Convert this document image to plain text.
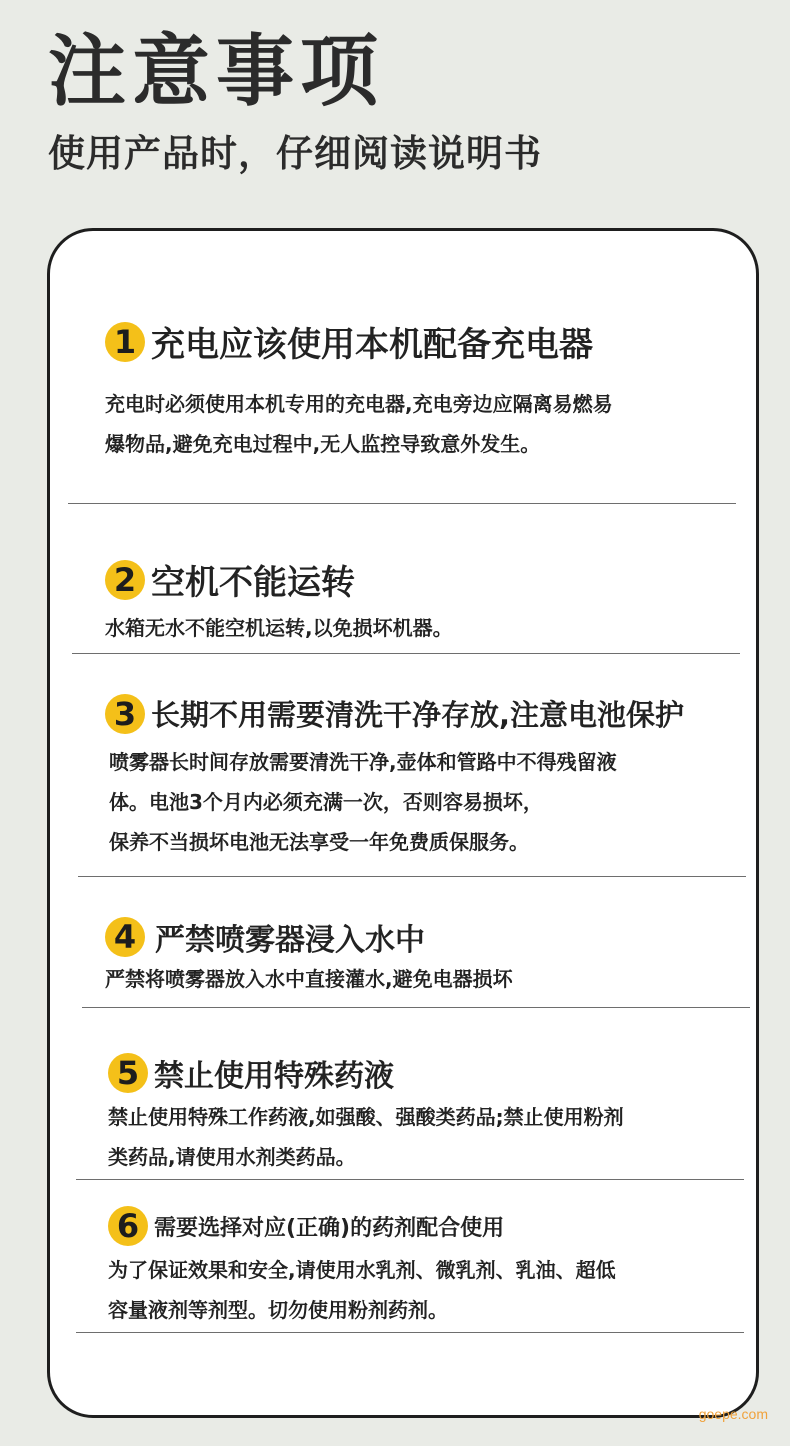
注意事项
使用产品时，仔细阅读说明书
1 充电应该使用本机配备充电器

充电时必须使用本机专用的充电器,充电旁边应隔离易燃易

爆物品,避免充电过程中,无人监控导致意外发生。

2 空机不能运转

水箱无水不能空机运转,以免损坏机器。

3 长期不用需要清洗干净存放,注意电池保护

喷雾器长时间存放需要清洗干净,壶体和管路中不得残留液

体。电池3个月内必须充满一次，否则容易损坏，

保养不当损坏电池无法享受一年免费质保服务。

4 严禁喷雾器浸入水中

严禁将喷雾器放入水中直接灌水,避免电器损坏

5 禁止使用特殊药液

禁止使用特殊工作药液,如强酸、强酸类药品;禁止使用粉剂

类药品,请使用水剂类药品。

6 需要选择对应(正确)的药剂配合使用

为了保证效果和安全,请使用水乳剂、微乳剂、乳油、超低

容量液剂等剂型。切勿使用粉剂药剂。

goepe.com
